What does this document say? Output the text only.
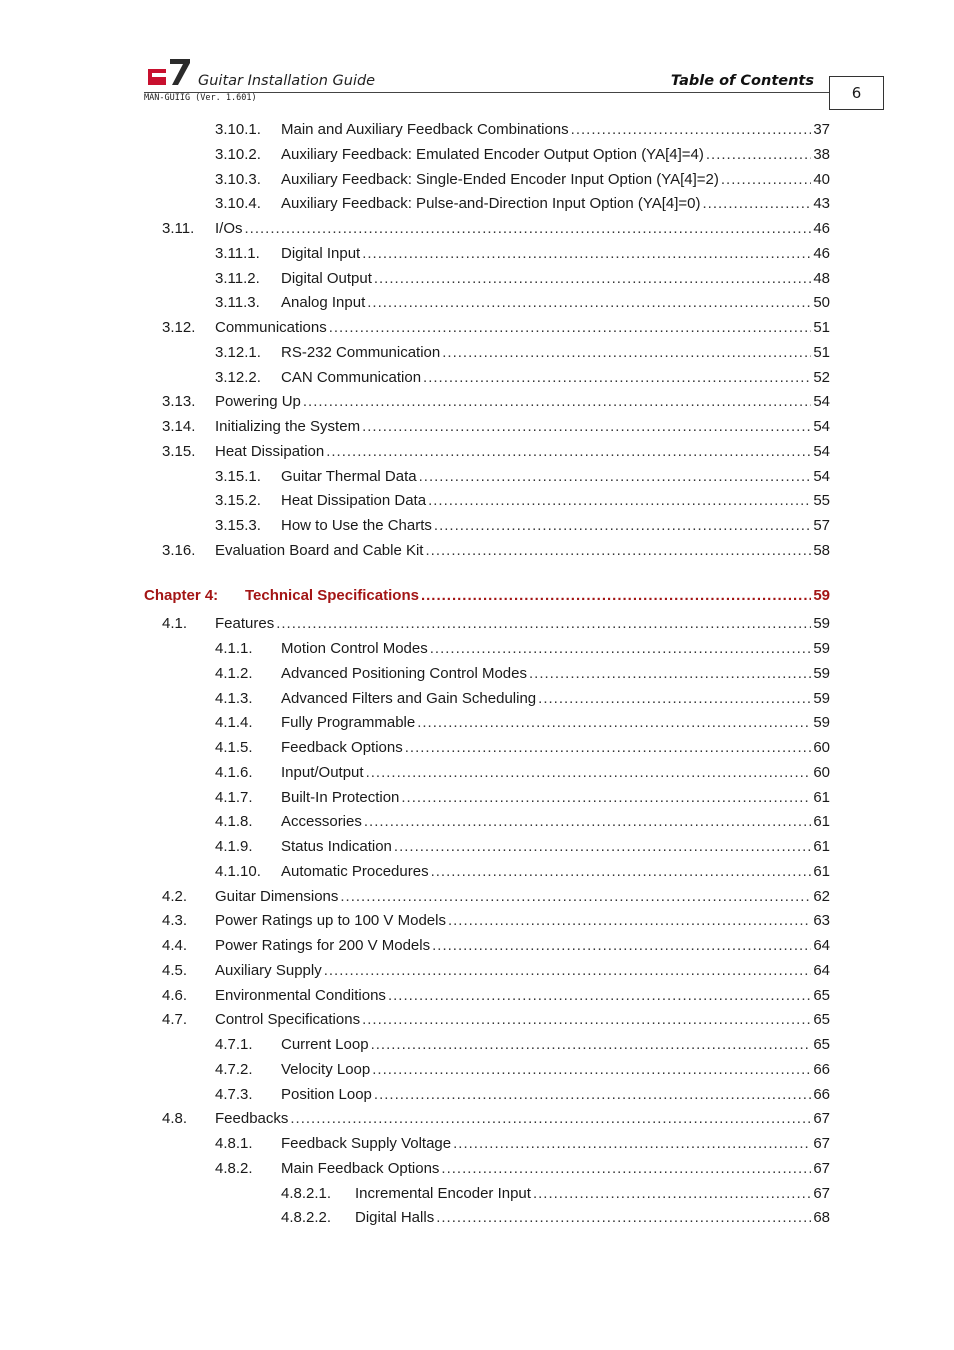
Guitar Installation Guide	Table of Contents
MAN-GUIIG (Ver. 1.601)	6
3.10.1. Main and Auxiliary Feedback Combinations .....	37
3.10.2. Auxiliary Feedback: Emulated Encoder Output Option (YA[4]=4) .....	38
3.10.3. Auxiliary Feedback: Single-Ended Encoder Input Option (YA[4]=2) .....	40
3.10.4. Auxiliary Feedback: Pulse-and-Direction Input Option (YA[4]=0) .....	43
3.11. I/Os .....	46
3.11.1. Digital Input .....	46
3.11.2. Digital Output .....	48
3.11.3. Analog Input .....	50
3.12. Communications .....	51
3.12.1. RS-232 Communication .....	51
3.12.2. CAN Communication .....	52
3.13. Powering Up .....	54
3.14. Initializing the System .....	54
3.15. Heat Dissipation .....	54
3.15.1. Guitar Thermal Data .....	54
3.15.2. Heat Dissipation Data .....	55
3.15.3. How to Use the Charts .....	57
3.16. Evaluation Board and Cable Kit .....	58
Chapter 4: Technical Specifications .....	59
4.1. Features .....	59
4.1.1. Motion Control Modes .....	59
4.1.2. Advanced Positioning Control Modes .....	59
4.1.3. Advanced Filters and Gain Scheduling .....	59
4.1.4. Fully Programmable .....	59
4.1.5. Feedback Options .....	60
4.1.6. Input/Output .....	60
4.1.7. Built-In Protection .....	61
4.1.8. Accessories .....	61
4.1.9. Status Indication .....	61
4.1.10. Automatic Procedures .....	61
4.2. Guitar Dimensions .....	62
4.3. Power Ratings up to 100 V Models .....	63
4.4. Power Ratings for 200 V Models .....	64
4.5. Auxiliary Supply .....	64
4.6. Environmental Conditions .....	65
4.7. Control Specifications .....	65
4.7.1. Current Loop .....	65
4.7.2. Velocity Loop .....	66
4.7.3. Position Loop .....	66
4.8. Feedbacks .....	67
4.8.1. Feedback Supply Voltage .....	67
4.8.2. Main Feedback Options .....	67
4.8.2.1. Incremental Encoder Input .....	67
4.8.2.2. Digital Halls .....	68
